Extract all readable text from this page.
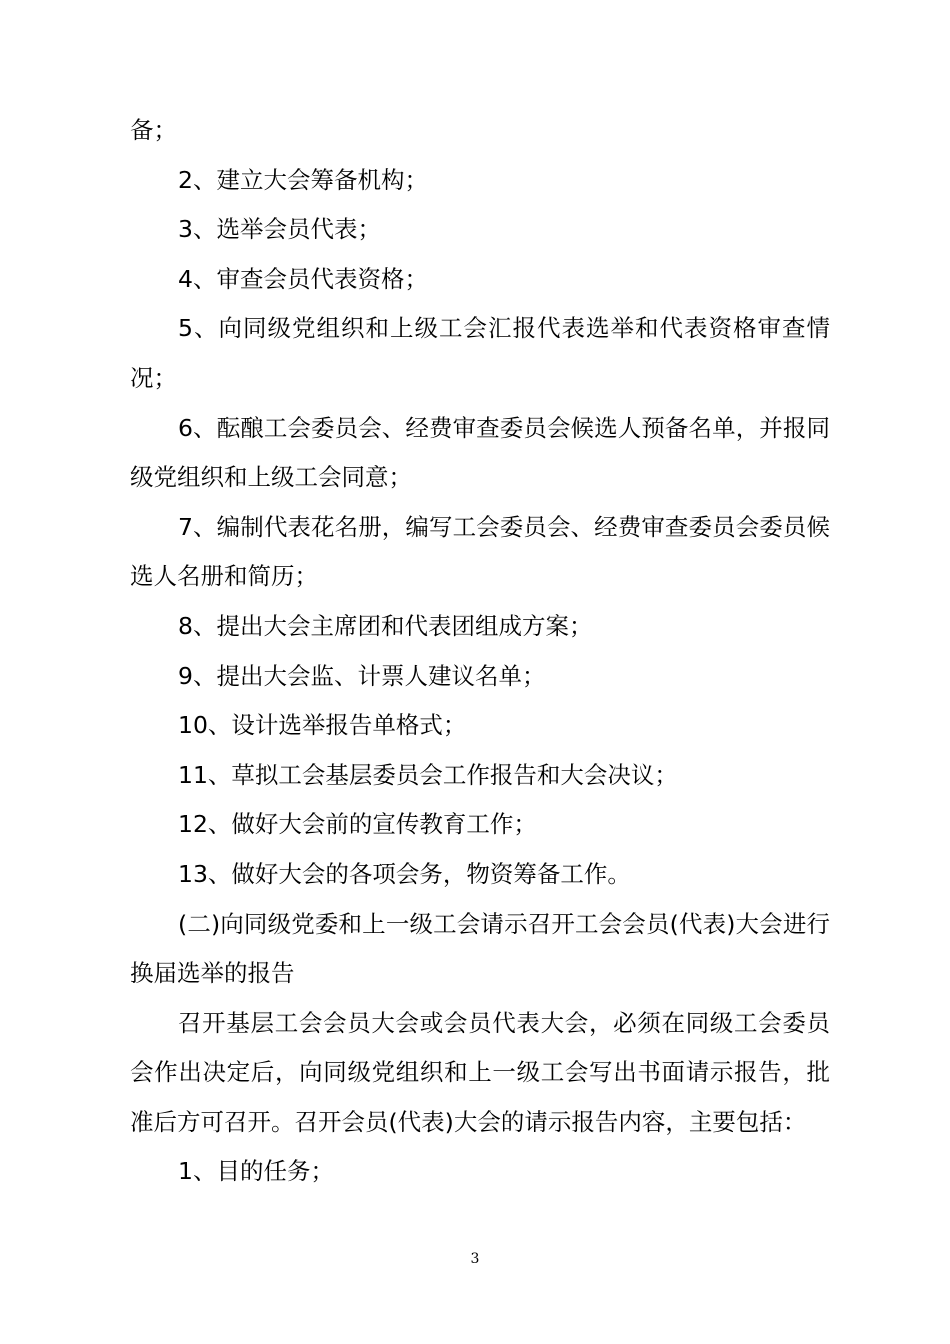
备；

2、建立大会筹备机构；

3、选举会员代表；

4、审查会员代表资格；

5、向同级党组织和上级工会汇报代表选举和代表资格审查情况；

6、酝酿工会委员会、经费审查委员会候选人预备名单，并报同级党组织和上级工会同意；

7、编制代表花名册，编写工会委员会、经费审查委员会委员候选人名册和简历；

8、提出大会主席团和代表团组成方案；

9、提出大会监、计票人建议名单；

10、设计选举报告单格式；

11、草拟工会基层委员会工作报告和大会决议；

12、做好大会前的宣传教育工作；

13、做好大会的各项会务，物资筹备工作。

(二)向同级党委和上一级工会请示召开工会会员(代表)大会进行换届选举的报告

召开基层工会会员大会或会员代表大会，必须在同级工会委员会作出决定后，向同级党组织和上一级工会写出书面请示报告，批准后方可召开。召开会员(代表)大会的请示报告内容，主要包括：

1、目的任务；

3
